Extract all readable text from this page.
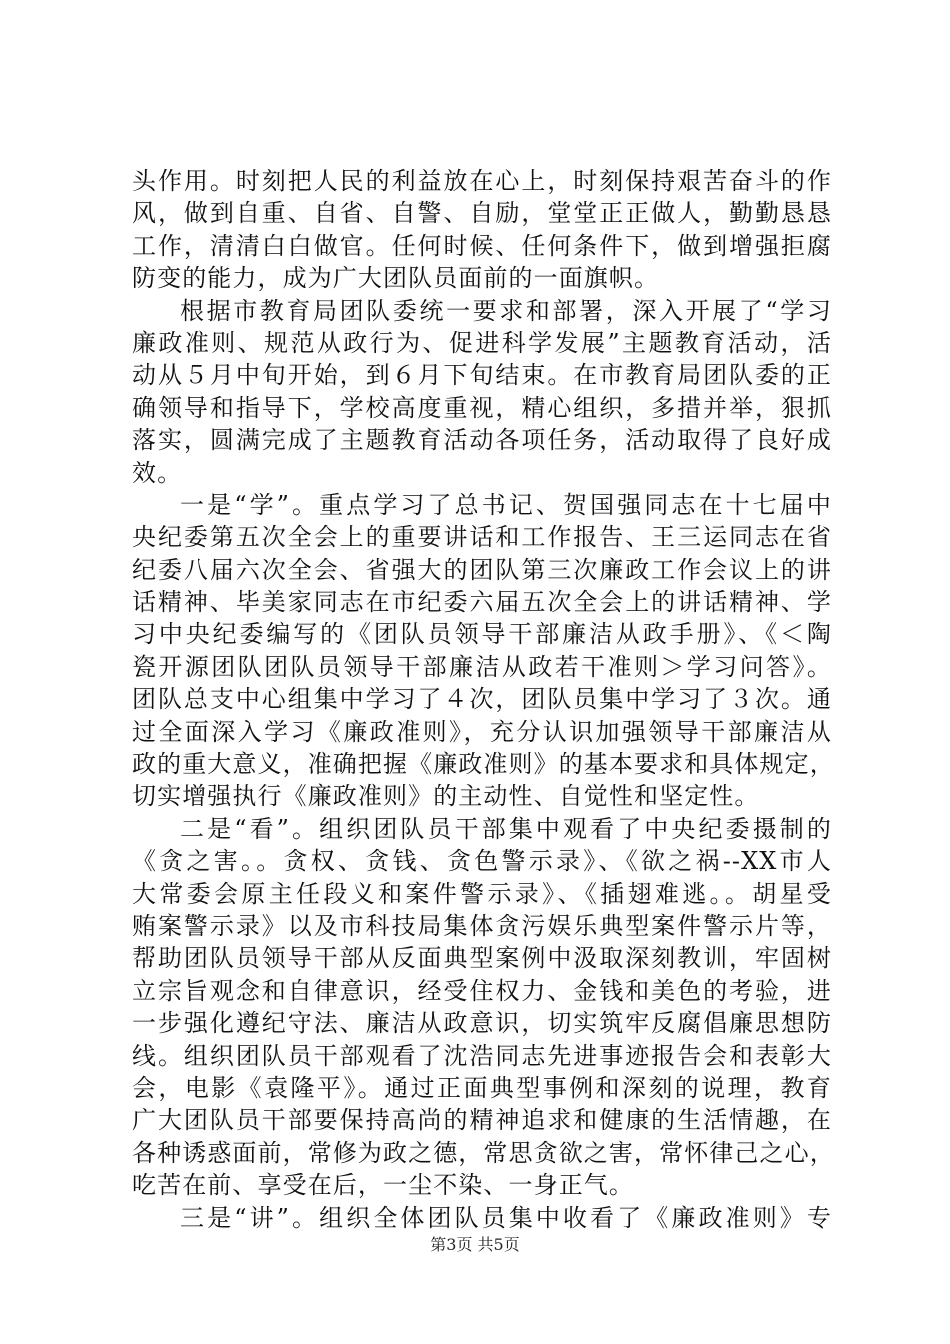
头作用。时刻把人民的利益放在心上，时刻保持艰苦奋斗的作
风，做到自重、自省、自警、自励，堂堂正正做人，勤勤恳恳
工作，清清白白做官。任何时候、任何条件下，做到增强拒腐
防变的能力，成为广大团队员面前的一面旗帜。
根据市教育局团队委统一要求和部署，深入开展了“学习
廉政准则、规范从政行为、促进科学发展”主题教育活动，活
动从５月中旬开始，到６月下旬结束。在市教育局团队委的正
确领导和指导下，学校高度重视，精心组织，多措并举，狠抓
落实，圆满完成了主题教育活动各项任务，活动取得了良好成
效。
一是“学”。重点学习了总书记、贺国强同志在十七届中
央纪委第五次全会上的重要讲话和工作报告、王三运同志在省
纪委八届六次全会、省强大的团队第三次廉政工作会议上的讲
话精神、毕美家同志在市纪委六届五次全会上的讲话精神、学
习中央纪委编写的《团队员领导干部廉洁从政手册》、《＜陶
瓷开源团队团队员领导干部廉洁从政若干准则＞学习问答》。
团队总支中心组集中学习了４次，团队员集中学习了３次。通
过全面深入学习《廉政准则》，充分认识加强领导干部廉洁从
政的重大意义，准确把握《廉政准则》的基本要求和具体规定，
切实增强执行《廉政准则》的主动性、自觉性和坚定性。
二是“看”。组织团队员干部集中观看了中央纪委摄制的
《贪之害。。贪权、贪钱、贪色警示录》、《欲之祸--XX市人
大常委会原主任段义和案件警示录》、《插翅难逃。。胡星受
贿案警示录》以及市科技局集体贪污娱乐典型案件警示片等，
帮助团队员领导干部从反面典型案例中汲取深刻教训，牢固树
立宗旨观念和自律意识，经受住权力、金钱和美色的考验，进
一步强化遵纪守法、廉洁从政意识，切实筑牢反腐倡廉思想防
线。组织团队员干部观看了沈浩同志先进事迹报告会和表彰大
会，电影《袁隆平》。通过正面典型事例和深刻的说理，教育
广大团队员干部要保持高尚的精神追求和健康的生活情趣，在
各种诱惑面前，常修为政之德，常思贪欲之害，常怀律己之心，
吃苦在前、享受在后，一尘不染、一身正气。
三是“讲”。组织全体团队员集中收看了《廉政准则》专
第3页 共5页
